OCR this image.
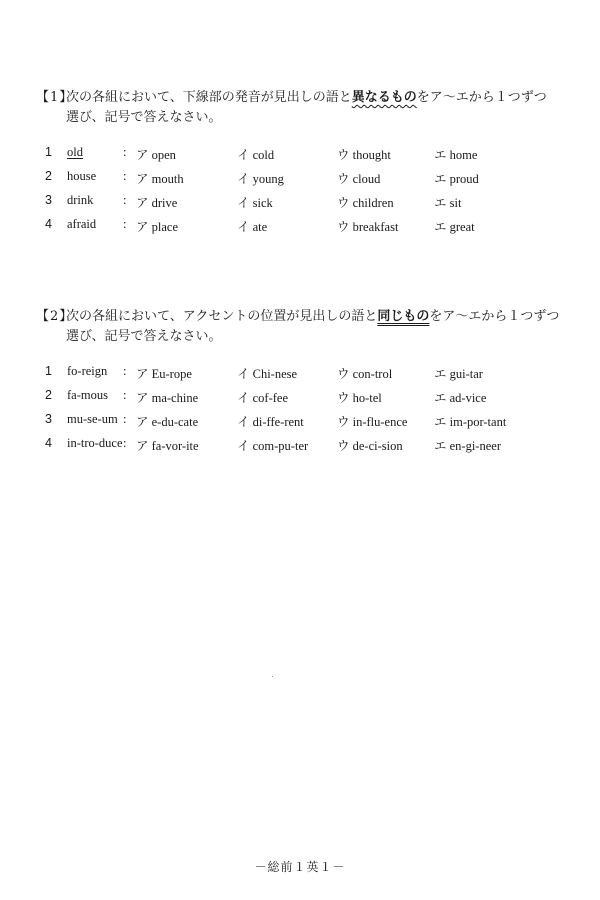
【1】
次の各組において、下線部の発音が見出しの語と異なるものをア〜エから１つずつ
選び、記号で答えなさい。
1 old	: ア open	イ cold	ウ thought	エ home
2 house : ア mouth	イ young	ウ cloud	エ proud
3 drink : ア drive	イ sick	ウ children	エ sit
4 afraid : ア place	イ ate	ウ breakfast	エ great
【2】
次の各組において、アクセントの位置が見出しの語と同じものをア〜エから１つずつ
選び、記号で答えなさい。
1 fo-reign : ア Eu-rope	イ Chi-nese	ウ con-trol	エ gui-tar
2 fa-mous : ア ma-chine	イ cof-fee	ウ ho-tel	エ ad-vice
3 mu-se-um : ア e-du-cate	イ di-ffe-rent	ウ in-flu-ence エ im-por-tant
4 in-tro-duce : ア fa-vor-ite	イ com-pu-ter ウ de-ci-sion	エ en-gi-neer
－総前１英１－
